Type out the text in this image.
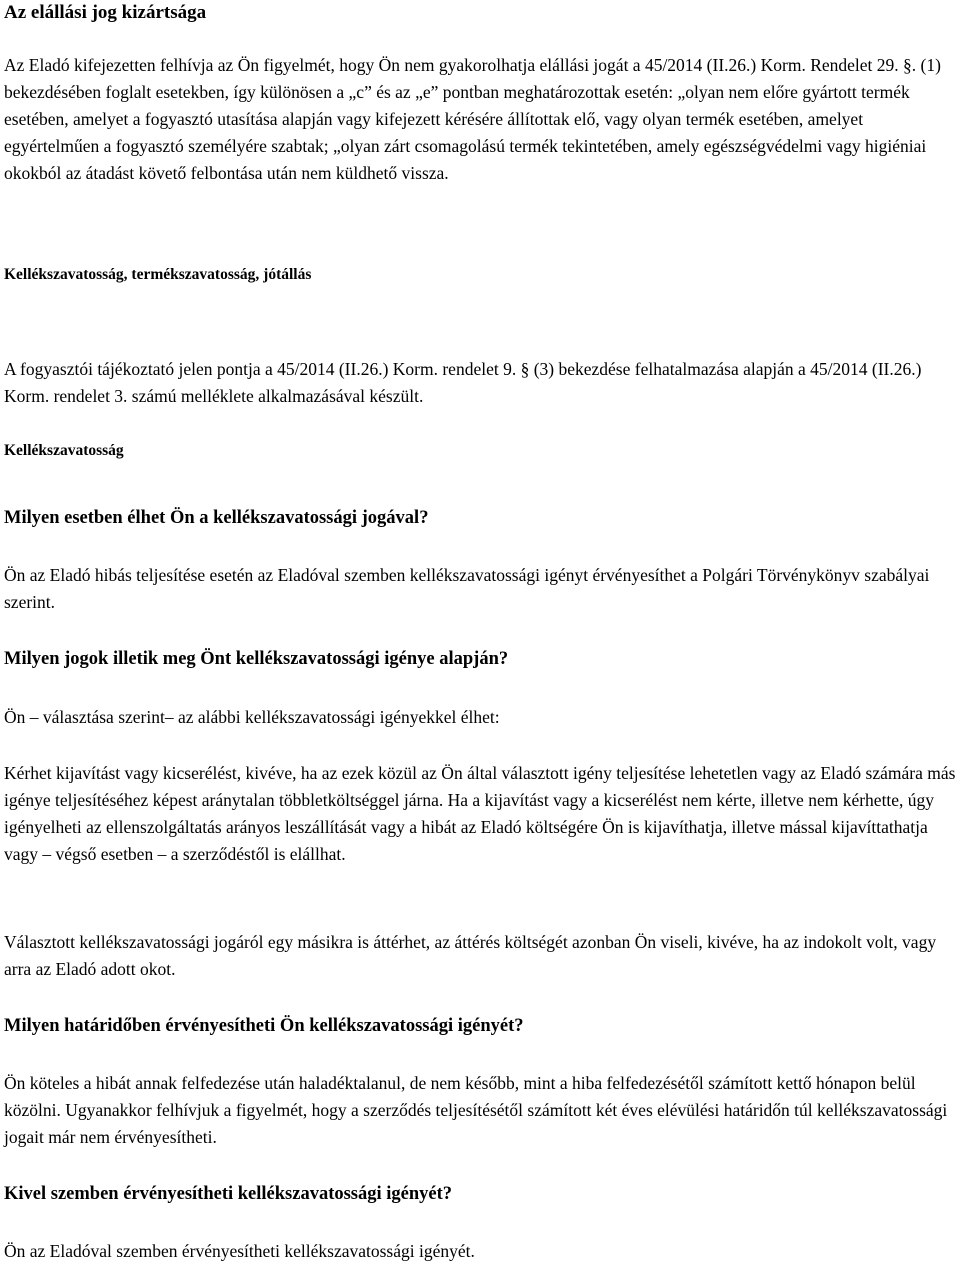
Az elállási jog kizártsága

Az Eladó kifejezetten felhívja az Ön figyelmét, hogy Ön nem gyakorolhatja elállási jogát a 45/2014 (II.26.) Korm. Rendelet 29. §. (1) bekezdésében foglalt esetekben, így különösen a „c” és az „e” pontban meghatározottak esetén: „olyan nem előre gyártott termék esetében, amelyet a fogyasztó utasítása alapján vagy kifejezett kérésére állítottak elő, vagy olyan termék esetében, amelyet egyértelműen a fogyasztó személyére szabtak; „olyan zárt csomagolású termék tekintetében, amely egészségvédelmi vagy higiéniai okokból az átadást követő felbontása után nem küldhető vissza.

Kellékszavatosság, termékszavatosság, jótállás

A fogyasztói tájékoztató jelen pontja a 45/2014 (II.26.) Korm. rendelet 9. § (3) bekezdése felhatalmazása alapján a 45/2014 (II.26.) Korm. rendelet 3. számú melléklete alkalmazásával készült.

Kellékszavatosság
Milyen esetben élhet Ön a kellékszavatossági jogával?

Ön az Eladó hibás teljesítése esetén az Eladóval szemben kellékszavatossági igényt érvényesíthet a Polgári Törvénykönyv szabályai szerint.

Milyen jogok illetik meg Önt kellékszavatossági igénye alapján?

Ön – választása szerint– az alábbi kellékszavatossági igényekkel élhet:

Kérhet kijavítást vagy kicserélést, kivéve, ha az ezek közül az Ön által választott igény teljesítése lehetetlen vagy az Eladó számára más igénye teljesítéséhez képest aránytalan többletköltséggel járna. Ha a kijavítást vagy a kicserélést nem kérte, illetve nem kérhette, úgy igényelheti az ellenszolgáltatás arányos leszállítását vagy a hibát az Eladó költségére Ön is kijavíthatja, illetve mással kijavíttathatja vagy – végső esetben – a szerződéstől is elállhat.

Választott kellékszavatossági jogáról egy másikra is áttérhet, az áttérés költségét azonban Ön viseli, kivéve, ha az indokolt volt, vagy arra az Eladó adott okot.

Milyen határidőben érvényesítheti Ön kellékszavatossági igényét?

Ön köteles a hibát annak felfedezése után haladéktalanul, de nem később, mint a hiba felfedezésétől számított kettő hónapon belül közölni. Ugyanakkor felhívjuk a figyelmét, hogy a szerződés teljesítésétől számított két éves elévülési határidőn túl kellékszavatossági jogait már nem érvényesítheti.

Kivel szemben érvényesítheti kellékszavatossági igényét?

Ön az Eladóval szemben érvényesítheti kellékszavatossági igényét.
